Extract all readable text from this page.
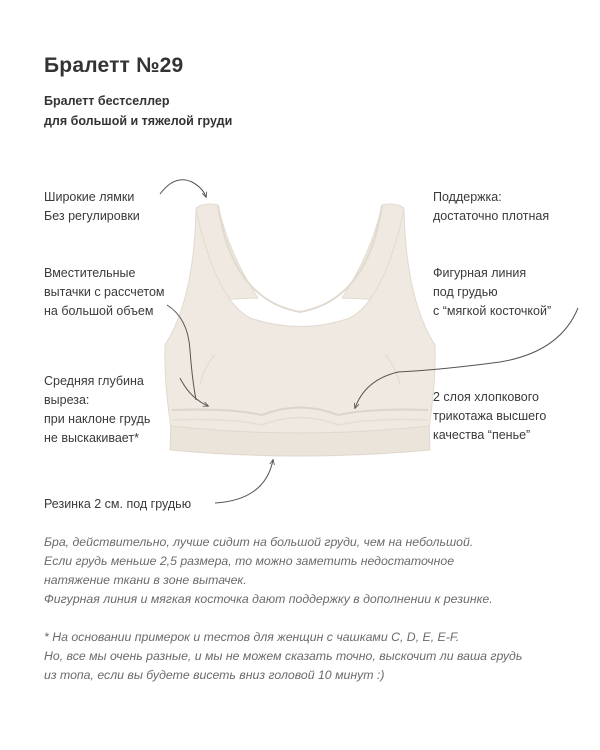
Бралетт №29
Бралетт бестселлер
для большой и тяжелой груди
Широкие лямки
Без регулировки
Вместительные
вытачки с рассчетом
на большой объем
Средняя глубина
выреза:
при наклоне грудь
не выскакивает*
Резинка 2 см. под грудью
Поддержка:
достаточно плотная
Фигурная линия
под грудью
с “мягкой косточкой”
2 слоя хлопкового
трикотажа высшего
качества “пенье”
Бра, действительно, лучше сидит на большой груди, чем на небольшой.
Если грудь меньше 2,5 размера, то можно заметить недостаточное
натяжение ткани в зоне вытачек.
Фигурная линия и мягкая косточка дают поддержку в дополнении к резинке.
* На основании примерок и тестов для женщин с чашками C, D, E, E-F.
Но, все мы очень разные, и мы не можем сказать точно, выскочит ли ваша грудь
из топа, если вы будете висеть вниз головой 10 минут :)
